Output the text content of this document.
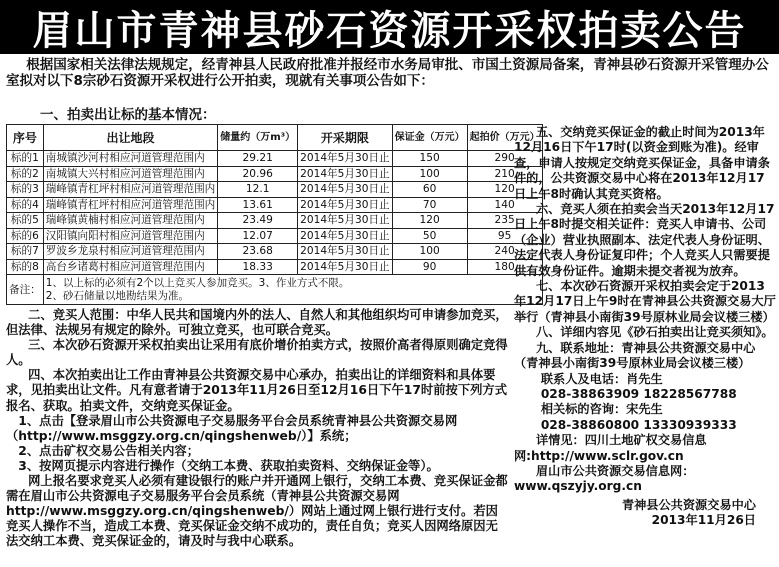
眉山市青神县砂石资源开采权拍卖公告

根据国家相关法律法规规定，经青神县人民政府批准并报经市水务局审批、市国土资源局备案，青神县砂石资源开采管理办公室拟对以下8宗砂石资源开采权进行公开拍卖，现就有关事项公告如下：

一、拍卖出让标的基本情况：
序号	出让地段	储量约（万m³）	开采期限	保证金（万元）	起拍价（万元）
标的1	南城镇沙河村相应河道管理范围内	29.21	2014年5月30日止	150	290
标的2	南城镇大兴村相应河道管理范围内	20.96	2014年5月30日止	100	210
标的3	瑞峰镇青杠坪村相应河道管理范围内	12.1	2014年5月30日止	60	120
标的4	瑞峰镇青杠坪村相应河道管理范围内	13.61	2014年5月30日止	70	140
标的5	瑞峰镇黄楠村相应河道管理范围内	23.49	2014年5月30日止	120	235
标的6	汉阳镇向阳村相应河道管理范围内	12.07	2014年5月30日止	50	95
标的7	罗波乡龙泉村相应河道管理范围内	23.68	2014年5月30日止	100	240
标的8	高台乡诸葛村相应河道管理范围内	18.33	2014年5月30日止	90	180
备注：	1、以上标的必须有2个以上竞买人参加竞买。3、作业方式不限。
2、砂石储量以地勘结果为准。				

二、竞买人范围：中华人民共和国境内外的法人、自然人和其他组织均可申请参加竞买，但法律、法规另有规定的除外。可独立竞买，也可联合竞买。

三、本次砂石资源开采权拍卖出让采用有底价增价拍卖方式，按照价高者得原则确定竞得人。

四、本次拍卖出让工作由青神县公共资源交易中心承办，拍卖出让的详细资料和具体要求，见拍卖出让文件。凡有意者请于2013年11月26日至12月16日下午17时前按下列方式报名、获取。拍卖文件，交纳竞买保证金。

1、点击【登录眉山市公共资源电子交易服务平台会员系统青神县公共资源交易网（http://www.msggzy.org.cn/qingshenweb/）】系统；

2、点击矿权交易公告相关内容；

3、按网页提示内容进行操作（交纳工本费、获取拍卖资料、交纳保证金等）。

网上报名要求竞买人必须有建设银行的账户并开通网上银行，交纳工本费、竞买保证金都需在眉山市公共资源电子交易服务平台会员系统（青神县公共资源交易网 http://www.msggzy.org.cn/qingshenweb/）网站上通过网上银行进行支付。若因竞买人操作不当，造成工本费、竞买保证金交纳不成功的，责任自负；竞买人因网络原因无法交纳工本费、竞买保证金的，请及时与我中心联系。

五、交纳竞买保证金的截止时间为2013年12月16日下午17时(以资金到账为准)。经审查，申请人按规定交纳竞买保证金，具备申请条件的，公共资源交易中心将在2013年12月17日上午8时确认其竞买资格。

六、竞买人须在拍卖会当天2013年12月17日上午8时提交相关证件：竞买人申请书、公司（企业）营业执照副本、法定代表人身份证明、法定代表人身份证复印件；个人竞买人只需要提供有效身份证件。逾期未提交者视为放弃。

七、本次砂石资源开采权拍卖会定于2013年12月17日上午9时在青神县公共资源交易大厅举行（青神县小南街39号原林业局会议楼三楼）

八、详细内容见《砂石拍卖出让竞买须知》。

九、联系地址：青神县公共资源交易中心（青神县小南街39号原林业局会议楼三楼）

联系人及电话：肖先生

028-38863909 18228567788

相关标的咨询：宋先生

028-38860800 13330939333

详情见：四川土地矿权交易信息网:http://www.sclr.gov.cn

眉山市公共资源交易信息网：www.qszyjy.org.cn

青神县公共资源交易中心

2013年11月26日
